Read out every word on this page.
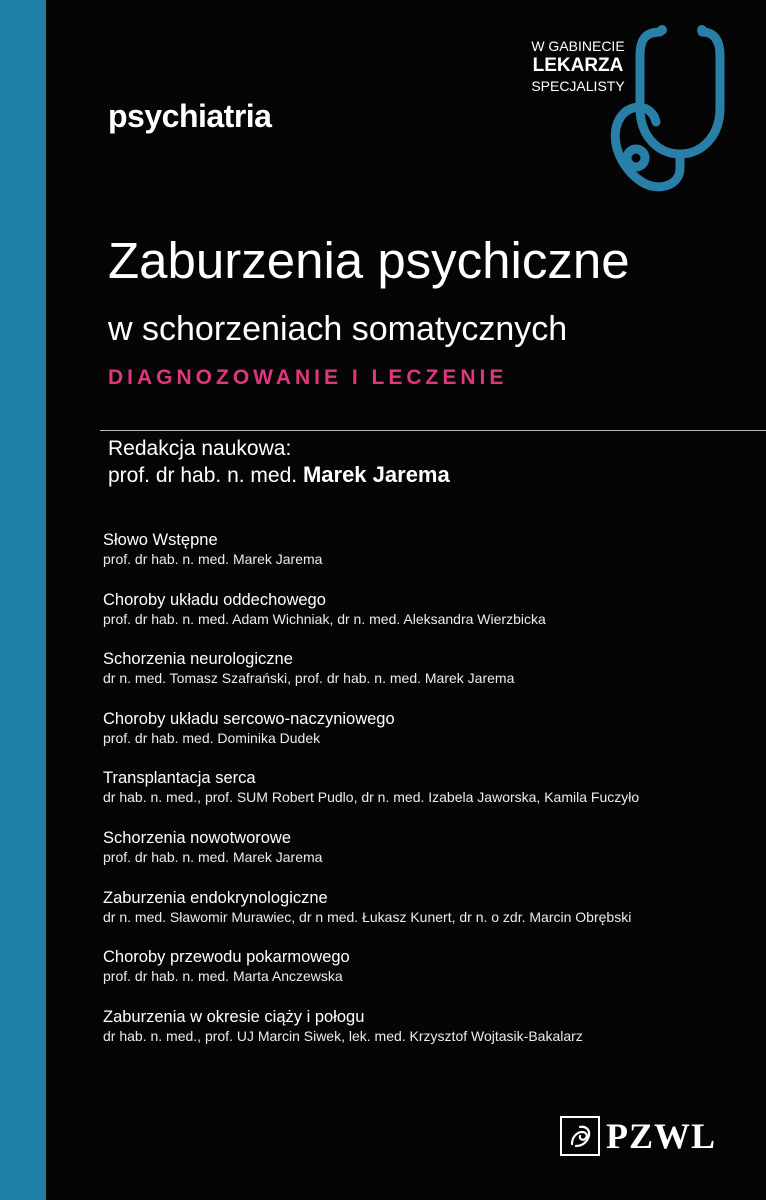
psychiatria
W GABINECIE
LEKARZA
SPECJALISTY
Zaburzenia psychiczne
w schorzeniach somatycznych
DIAGNOZOWANIE I LECZENIE
Redakcja naukowa:
prof. dr hab. n. med. Marek Jarema
Słowo Wstępne
prof. dr hab. n. med. Marek Jarema
Choroby układu oddechowego
prof. dr hab. n. med. Adam Wichniak, dr n. med. Aleksandra Wierzbicka
Schorzenia neurologiczne
dr n. med. Tomasz Szafrański, prof. dr hab. n. med. Marek Jarema
Choroby układu sercowo-naczyniowego
prof. dr hab. med. Dominika Dudek
Transplantacja serca
dr hab. n. med., prof. SUM Robert Pudlo, dr n. med. Izabela Jaworska, Kamila Fuczyło
Schorzenia nowotworowe
prof. dr hab. n. med. Marek Jarema
Zaburzenia endokrynologiczne
dr n. med. Sławomir Murawiec, dr n med. Łukasz Kunert, dr n. o zdr. Marcin Obrębski
Choroby przewodu pokarmowego
prof. dr hab. n. med. Marta Anczewska
Zaburzenia w okresie ciąży i połogu
dr hab. n. med., prof. UJ Marcin Siwek, lek. med. Krzysztof Wojtasik-Bakalarz
PZWL
